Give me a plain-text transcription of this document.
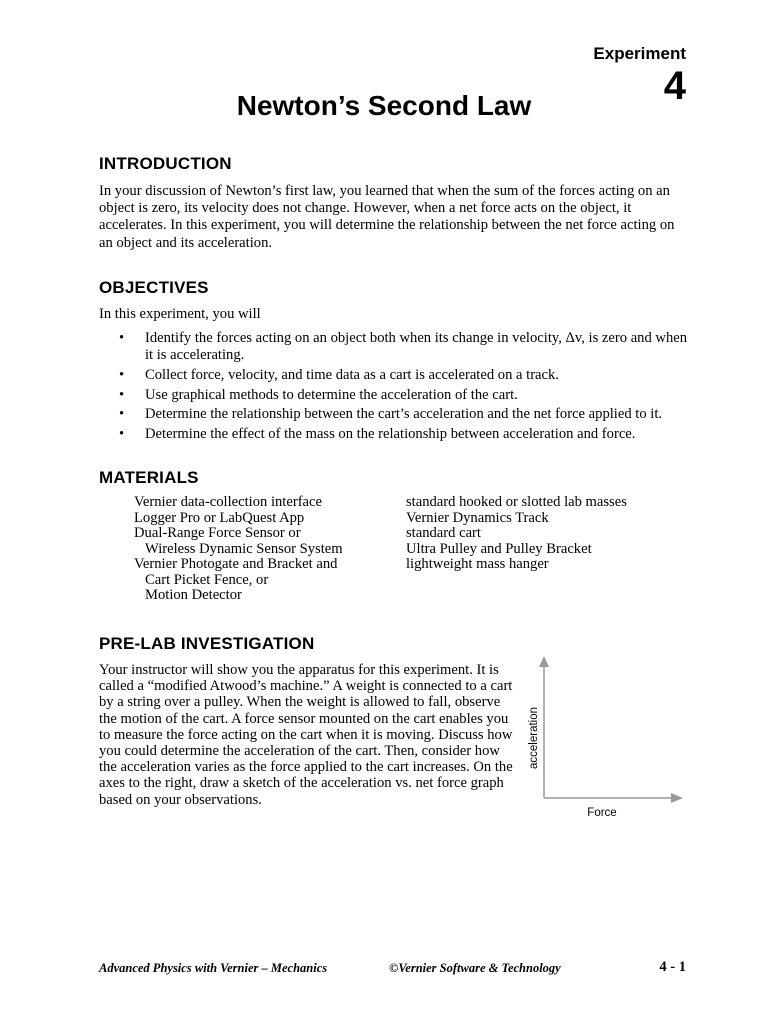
Experiment
4
Newton’s Second Law
INTRODUCTION
In your discussion of Newton’s first law, you learned that when the sum of the forces acting on an object is zero, its velocity does not change. However, when a net force acts on the object, it accelerates. In this experiment, you will determine the relationship between the net force acting on an object and its acceleration.
OBJECTIVES
In this experiment, you will
• Identify the forces acting on an object both when its change in velocity, Δv, is zero and when it is accelerating.
• Collect force, velocity, and time data as a cart is accelerated on a track.
• Use graphical methods to determine the acceleration of the cart.
• Determine the relationship between the cart’s acceleration and the net force applied to it.
• Determine the effect of the mass on the relationship between acceleration and force.
MATERIALS
Vernier data-collection interface
Logger Pro or LabQuest App
Dual-Range Force Sensor or
Wireless Dynamic Sensor System
Vernier Photogate and Bracket and
Cart Picket Fence, or
Motion Detector
standard hooked or slotted lab masses
Vernier Dynamics Track
standard cart
Ultra Pulley and Pulley Bracket
lightweight mass hanger
PRE-LAB INVESTIGATION
Your instructor will show you the apparatus for this experiment. It is called a “modified Atwood’s machine.” A weight is connected to a cart by a string over a pulley. When the weight is allowed to fall, observe the motion of the cart. A force sensor mounted on the cart enables you to measure the force acting on the cart when it is moving. Discuss how you could determine the acceleration of the cart. Then, consider how the acceleration varies as the force applied to the cart increases. On the axes to the right, draw a sketch of the acceleration vs. net force graph based on your observations.
acceleration
Force
Advanced Physics with Vernier – Mechanics	©Vernier Software & Technology	4 - 1
